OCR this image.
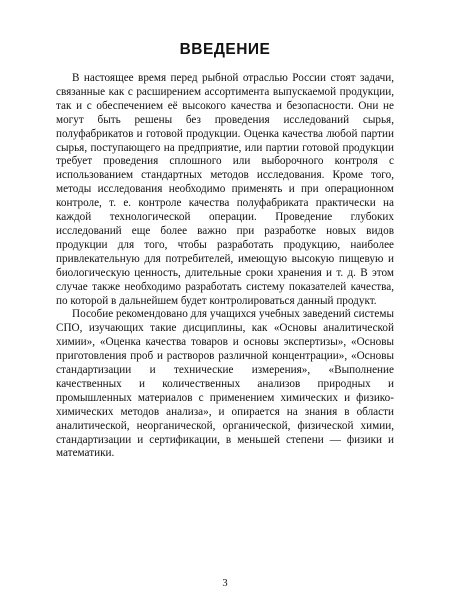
ВВЕДЕНИЕ

В настоящее время перед рыбной отраслью России стоят задачи, связанные как с расширением ассортимента выпускаемой продукции, так и с обеспечением её высокого качества и безопасности. Они не могут быть решены без проведения исследований сырья, полуфабрикатов и готовой продукции. Оценка качества любой партии сырья, поступающего на предприятие, или партии готовой продукции требует проведения сплошного или выборочного контроля с использованием стандартных методов исследования. Кроме того, методы исследования необходимо применять и при операционном контроле, т. е. контроле качества полуфабриката практически на каждой технологической операции. Проведение глубоких исследований еще более важно при разработке новых видов продукции для того, чтобы разработать продукцию, наиболее привлекательную для потребителей, имеющую высокую пищевую и биологическую ценность, длительные сроки хранения и т. д. В этом случае также необходимо разработать систему показателей качества, по которой в дальнейшем будет контролироваться данный продукт.

Пособие рекомендовано для учащихся учебных заведений системы СПО, изучающих такие дисциплины, как «Основы аналитической химии», «Оценка качества товаров и основы экспертизы», «Основы приготовления проб и растворов различной концентрации», «Основы стандартизации и технические измерения», «Выполнение качественных и количественных анализов природных и промышленных материалов с применением химических и физико-химических методов анализа», и опирается на знания в области аналитической, неорганической, органической, физической химии, стандартизации и сертификации, в меньшей степени — физики и математики.

3
